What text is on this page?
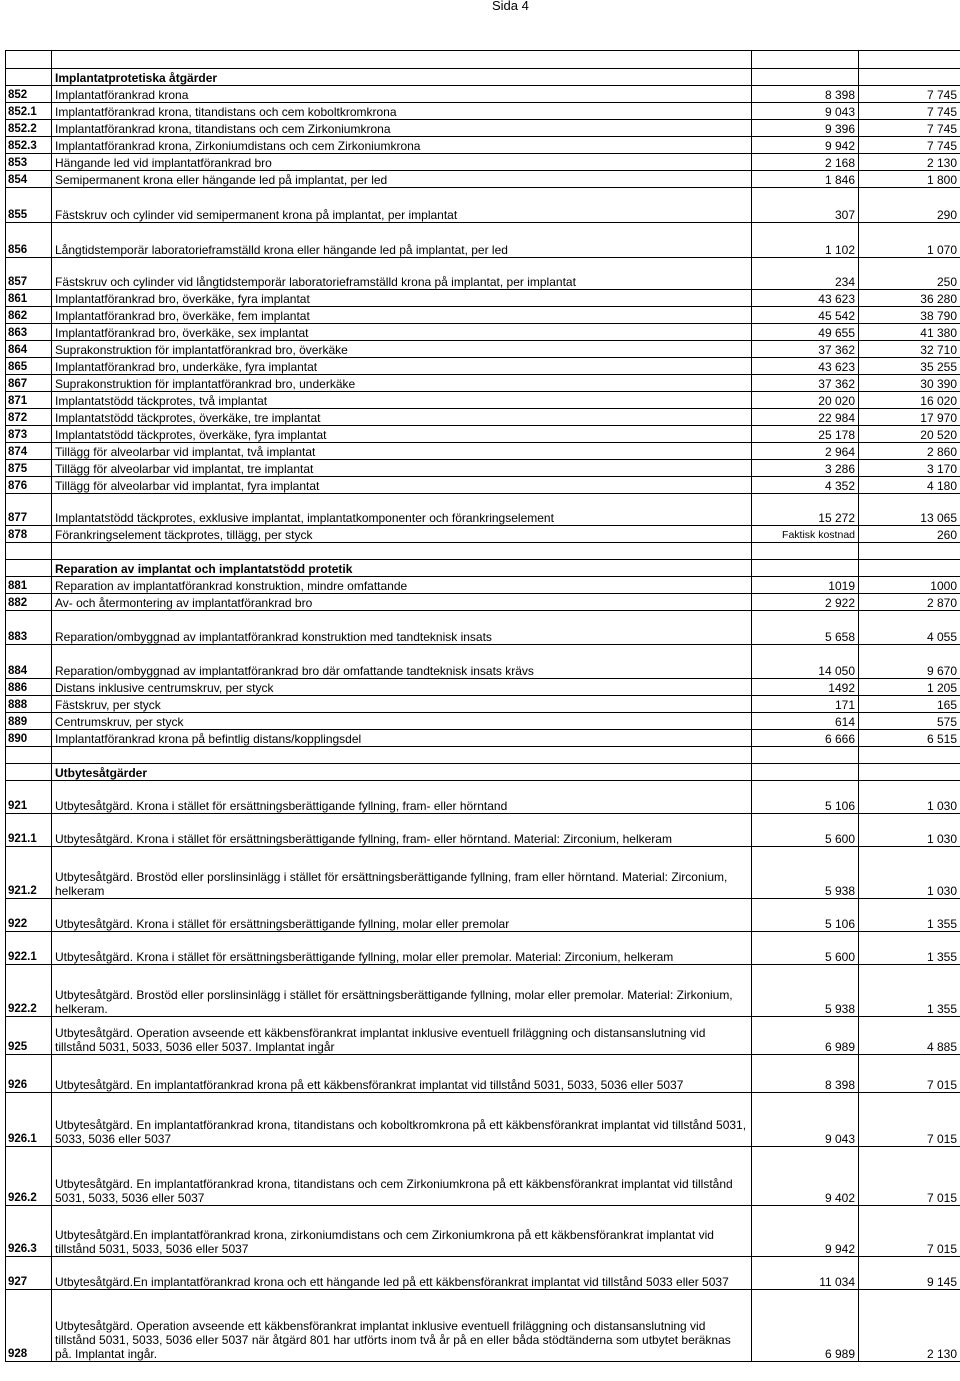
Sida 4

	Implantatprotetiska åtgärder		
852	Implantatförankrad krona	8 398	7 745
852.1	Implantatförankrad krona, titandistans och cem koboltkromkrona	9 043	7 745
852.2	Implantatförankrad krona, titandistans och cem Zirkoniumkrona	9 396	7 745
852.3	Implantatförankrad krona, Zirkoniumdistans och cem Zirkoniumkrona	9 942	7 745
853	Hängande led vid implantatförankrad bro	2 168	2 130
854	Semipermanent krona eller hängande led på implantat, per led	1 846	1 800
855	Fästskruv och cylinder vid semipermanent krona på implantat, per implantat	307	290
856	Långtidstemporär laboratorieframställd krona eller hängande led på implantat, per led	1 102	1 070
857	Fästskruv och cylinder vid långtidstemporär laboratorieframställd krona på implantat, per implantat	234	250
861	Implantatförankrad bro, överkäke, fyra implantat	43 623	36 280
862	Implantatförankrad bro, överkäke, fem implantat	45 542	38 790
863	Implantatförankrad bro, överkäke, sex implantat	49 655	41 380
864	Suprakonstruktion för implantatförankrad bro, överkäke	37 362	32 710
865	Implantatförankrad bro, underkäke, fyra implantat	43 623	35 255
867	Suprakonstruktion för implantatförankrad bro, underkäke	37 362	30 390
871	Implantatstödd täckprotes, två implantat	20 020	16 020
872	Implantatstödd täckprotes, överkäke, tre implantat	22 984	17 970
873	Implantatstödd täckprotes, överkäke, fyra implantat	25 178	20 520
874	Tillägg för alveolarbar vid implantat, två implantat	2 964	2 860
875	Tillägg för alveolarbar vid implantat, tre implantat	3 286	3 170
876	Tillägg för alveolarbar vid implantat, fyra implantat	4 352	4 180
877	Implantatstödd täckprotes, exklusive implantat, implantatkomponenter och förankringselement	15 272	13 065
878	Förankringselement täckprotes, tillägg, per styck	Faktisk kostnad	260

	Reparation av implantat och implantatstödd protetik		
881	Reparation av implantatförankrad konstruktion, mindre omfattande	1019	1000
882	Av- och återmontering av implantatförankrad bro	2 922	2 870
883	Reparation/ombyggnad av implantatförankrad konstruktion med tandteknisk insats	5 658	4 055
884	Reparation/ombyggnad av implantatförankrad bro där omfattande tandteknisk insats krävs	14 050	9 670
886	Distans inklusive centrumskruv, per styck	1492	1 205
888	Fästskruv, per styck	171	165
889	Centrumskruv, per styck	614	575
890	Implantatförankrad krona på befintlig distans/kopplingsdel	6 666	6 515

	Utbytesåtgärder		
921	Utbytesåtgärd. Krona i stället för ersättningsberättigande fyllning, fram- eller hörntand	5 106	1 030
921.1	Utbytesåtgärd. Krona i stället för ersättningsberättigande fyllning, fram- eller hörntand. Material: Zirconium, helkeram	5 600	1 030
921.2	Utbytesåtgärd. Brostöd eller porslinsinlägg i stället för ersättningsberättigande fyllning, fram eller hörntand. Material: Zirconium, helkeram	5 938	1 030
922	Utbytesåtgärd. Krona i stället för ersättningsberättigande fyllning, molar eller premolar	5 106	1 355
922.1	Utbytesåtgärd. Krona i stället för ersättningsberättigande fyllning, molar eller premolar. Material: Zirconium, helkeram	5 600	1 355
922.2	Utbytesåtgärd. Brostöd eller porslinsinlägg i stället för ersättningsberättigande fyllning, molar eller premolar. Material: Zirkonium, helkeram.	5 938	1 355
925	Utbytesåtgärd. Operation avseende ett käkbensförankrat implantat inklusive eventuell friläggning och distansanslutning vid tillstånd 5031, 5033, 5036 eller 5037. Implantat ingår	6 989	4 885
926	Utbytesåtgärd. En implantatförankrad krona på ett käkbensförankrat implantat vid tillstånd 5031, 5033, 5036 eller 5037	8 398	7 015
926.1	Utbytesåtgärd. En implantatförankrad krona, titandistans och koboltkromkrona på ett käkbensförankrat implantat vid tillstånd 5031, 5033, 5036 eller 5037	9 043	7 015
926.2	Utbytesåtgärd. En implantatförankrad krona, titandistans och cem Zirkoniumkrona på ett käkbensförankrat implantat vid tillstånd 5031, 5033, 5036 eller 5037	9 402	7 015
926.3	Utbytesåtgärd.En implantatförankrad krona, zirkoniumdistans och cem Zirkoniumkrona på ett käkbensförankrat implantat vid tillstånd 5031, 5033, 5036 eller 5037	9 942	7 015
927	Utbytesåtgärd.En implantatförankrad krona och ett hängande led på ett käkbensförankrat implantat vid tillstånd 5033 eller 5037	11 034	9 145
928	Utbytesåtgärd. Operation avseende ett käkbensförankrat implantat inklusive eventuell friläggning och distansanslutning vid tillstånd 5031, 5033, 5036 eller 5037 när åtgärd 801 har utförts inom två år på en eller båda stödtänderna som utbytet beräknas på. Implantat ingår.	6 989	2 130
